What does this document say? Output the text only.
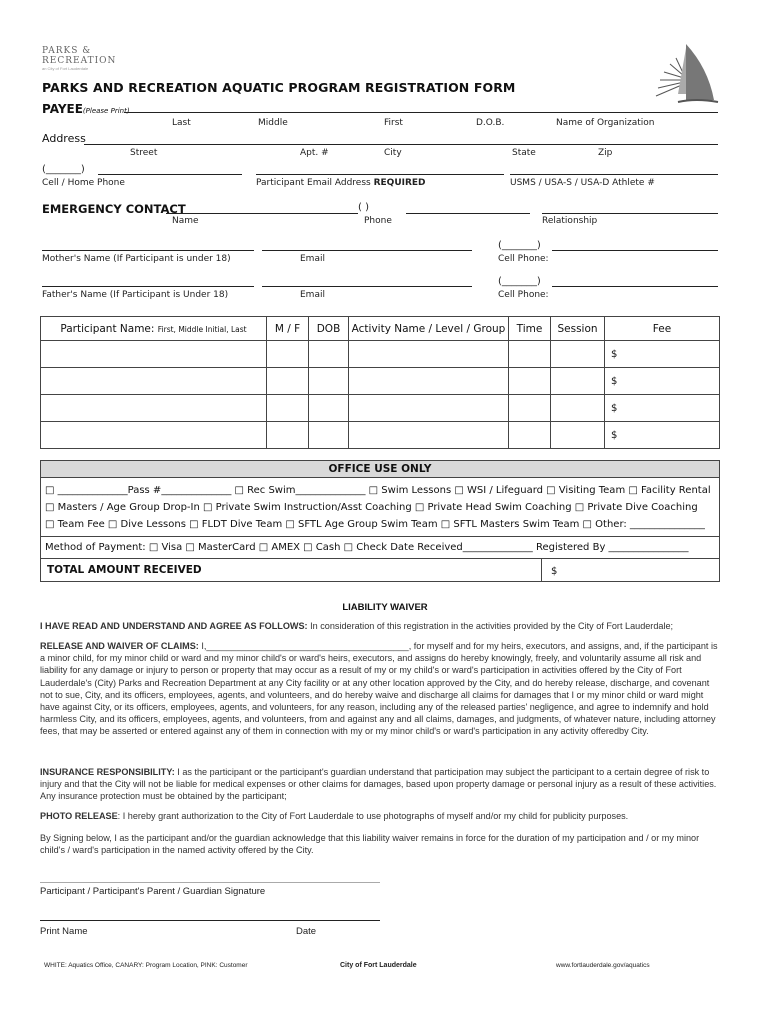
PARKS &
RECREATION
an City of Fort Lauderdale
PARKS AND RECREATION AQUATIC PROGRAM REGISTRATION FORM
PAYEE(Please Print)
Last	Middle	First	D.O.B.	Name of Organization
Address
Street	Apt. #	City	State	Zip
(_______)
Cell / Home Phone	Participant Email Address REQUIRED	USMS / USA-S / USA-D Athlete #
EMERGENCY CONTACT	( )
Name	Phone	Relationship
(_______)
Mother's Name (If Participant is under 18)	Email	Cell Phone:
(_______)
Father's Name (If Participant is Under 18)	Email	Cell Phone:
Participant Name: First, Middle Initial, Last	M / F	DOB	Activity Name / Level / Group	Time	Session	Fee
						$
						$
						$
						$
OFFICE USE ONLY
□ ______________Pass #______________ □ Rec Swim______________ □ Swim Lessons □ WSI / Lifeguard □ Visiting Team □ Facility Rental
□ Masters / Age Group Drop-In □ Private Swim Instruction/Asst Coaching □ Private Head Swim Coaching □ Private Dive Coaching
□ Team Fee □ Dive Lessons □ FLDT Dive Team □ SFTL Age Group Swim Team □ SFTL Masters Swim Team □ Other: _______________
Method of Payment: □ Visa □ MasterCard □ AMEX □ Cash □ Check Date Received______________ Registered By ________________
TOTAL AMOUNT RECEIVED	$
LIABILITY WAIVER
I HAVE READ AND UNDERSTAND AND AGREE AS FOLLOWS: In consideration of this registration in the activities provided by the City of Fort Lauderdale;
RELEASE AND WAIVER OF CLAIMS: I,________________________________________, for myself and for my heirs, executors, and assigns, and, if the participant is a minor child, for my minor child or ward and my minor child's or ward's heirs, executors, and assigns do hereby knowingly, freely, and voluntarily assume all risk and liability for any damage or injury to person or property that may occur as a result of my or my child's or ward's participation in activities offered by the City of Fort Lauderdale's (City) Parks and Recreation Department at any City facility or at any other location approved by the City, and do hereby release, discharge, and covenant not to sue, City, and its officers, employees, agents, and volunteers, and do hereby waive and discharge all claims for damages that I or my minor child or ward might have against City, or its officers, employees, agents, and volunteers, for any reason, including any of the released parties' negligence, and agree to indemnify and hold harmless City, and its officers, employees, agents, and volunteers, from and against any and all claims, damages, and judgments, of whatever nature, including attorney fees, that may be asserted or entered against any of them in connection with my or my minor child's or ward's participation in any activity offeredby City.
INSURANCE RESPONSIBILITY: I as the participant or the participant's guardian understand that participation may subject the participant to a certain degree of risk to injury and that the City will not be liable for medical expenses or other claims for damages, based upon property damage or personal injury as a result of these activities. Any insurance protection must be obtained by the participant;
PHOTO RELEASE: I hereby grant authorization to the City of Fort Lauderdale to use photographs of myself and/or my child for publicity purposes.
By Signing below, I as the participant and/or the guardian acknowledge that this liability waiver remains in force for the duration of my participation and / or my minor child's / ward's participation in the named activity offered by the City.
Participant / Participant's Parent / Guardian Signature
Print Name	Date
WHITE: Aquatics Office, CANARY: Program Location, PINK: Customer	City of Fort Lauderdale	www.fortlauderdale.gov/aquatics
